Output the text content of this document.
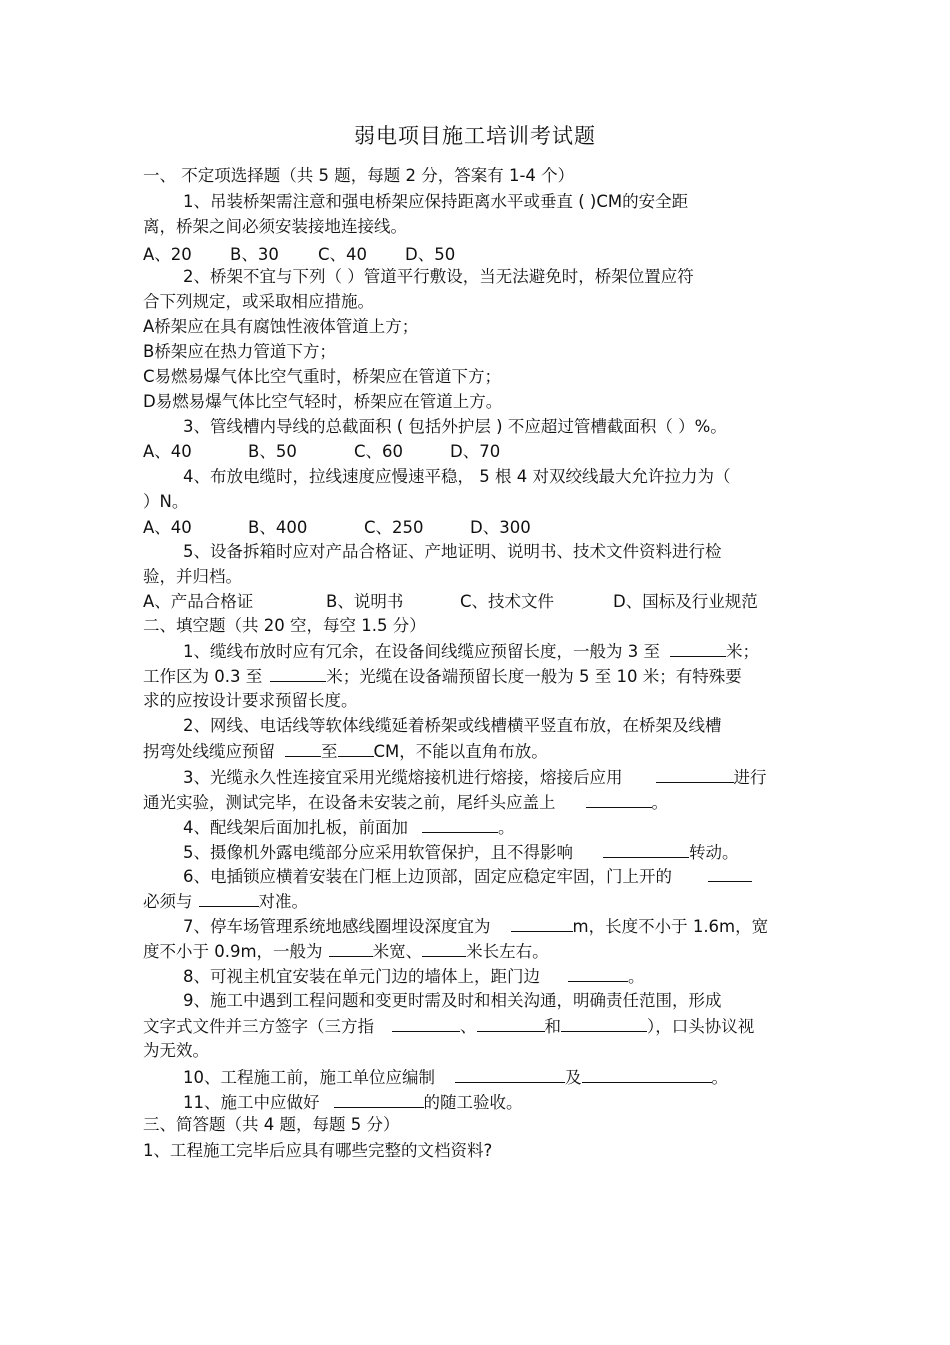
弱电项目施工培训考试题
一、 不定项选择题（共 5 题，每题 2 分，答案有 1-4 个）
1、吊装桥架需注意和强电桥架应保持距离水平或垂直 ( )CM的安全距
离，桥架之间必须安装接地连接线。
A、20 B、30 C、40 D、50
2、桥架不宜与下列（ ）管道平行敷设，当无法避免时，桥架位置应符
合下列规定，或采取相应措施。
A桥架应在具有腐蚀性液体管道上方；
B桥架应在热力管道下方；
C易燃易爆气体比空气重时，桥架应在管道下方；
D易燃易爆气体比空气轻时，桥架应在管道上方。
3、管线槽内导线的总截面积 ( 包括外护层 ) 不应超过管槽截面积（ ）%。
A、40	B、50	C、60	D、70
4、布放电缆时，拉线速度应慢速平稳， 5 根 4 对双绞线最大允许拉力为（
）N。
A、40	B、400	C、250	D、300
5、设备拆箱时应对产品合格证、产地证明、说明书、技术文件资料进行检
验，并归档。
A、产品合格证	B、说明书	C、技术文件	D、国标及行业规范
二、填空题（共 20 空，每空 1.5 分）
1、缆线布放时应有冗余，在设备间线缆应预留长度，一般为 3 至	米；
工作区为 0.3 至	米；光缆在设备端预留长度一般为 5 至 10 米；有特殊要
求的应按设计要求预留长度。
2、网线、电话线等软体线缆延着桥架或线槽横平竖直布放，在桥架及线槽
拐弯处线缆应预留	至 CM，不能以直角布放。
3、光缆永久性连接宜采用光缆熔接机进行熔接，熔接后应用	进行
通光实验，测试完毕，在设备未安装之前，尾纤头应盖上	。
4、配线架后面加扎板，前面加	。
5、摄像机外露电缆部分应采用软管保护，且不得影响	转动。
6、电插锁应横着安装在门框上边顶部，固定应稳定牢固，门上开的
必须与	对准。
7、停车场管理系统地感线圈埋设深度宜为	m，长度不小于 1.6m，宽
度不小于 0.9m，一般为	米宽、	米长左右。
8、可视主机宜安装在单元门边的墙体上，距门边	。
9、施工中遇到工程问题和变更时需及时和相关沟通，明确责任范围，形成
文字式文件并三方签字（三方指	、	和	），口头协议视
为无效。
10、工程施工前，施工单位应编制	及	。
11、施工中应做好	的随工验收。
三、简答题（共 4 题，每题 5 分）
1、工程施工完毕后应具有哪些完整的文档资料?
